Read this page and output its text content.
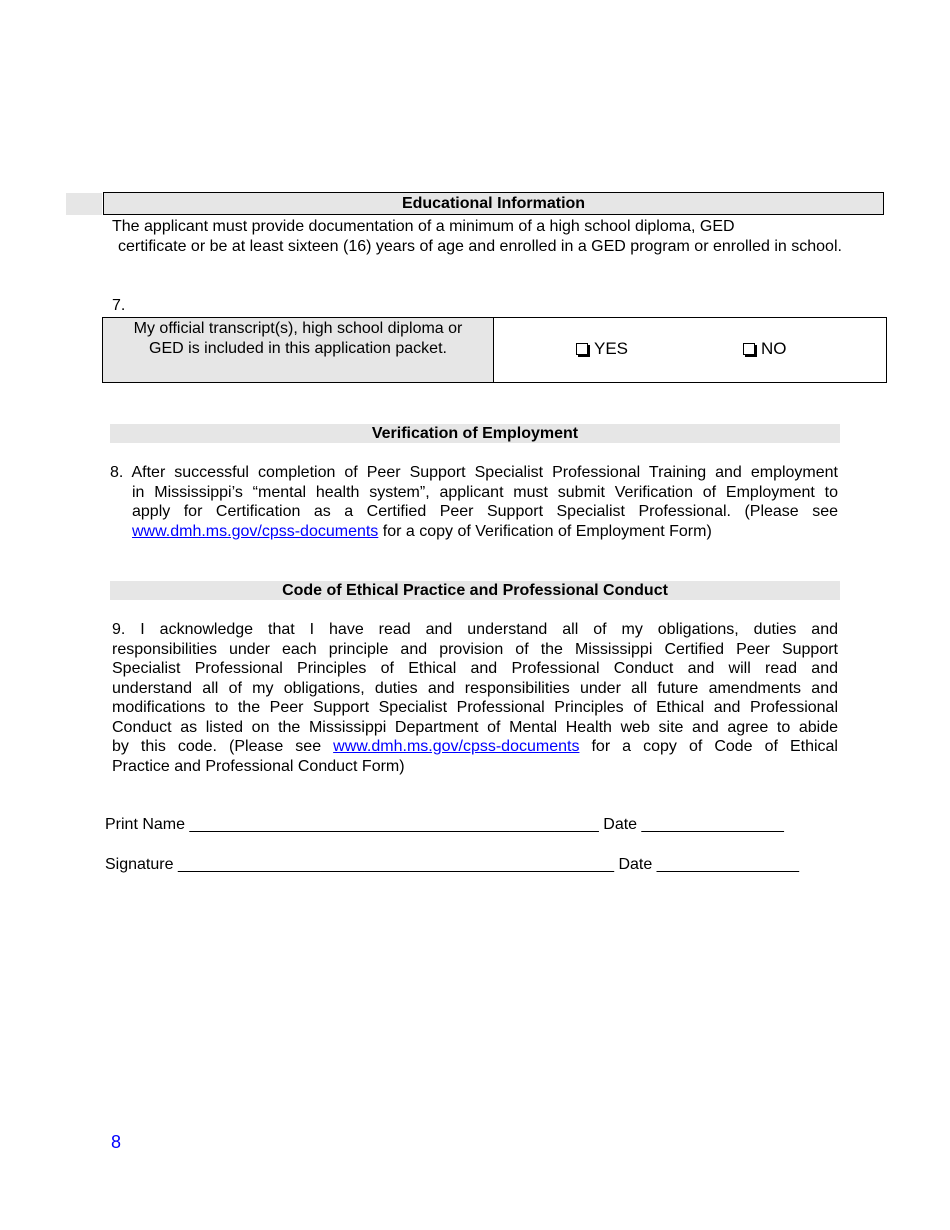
Educational Information
The applicant must provide documentation of a minimum of a high school diploma, GED
certificate or be at least sixteen (16) years of age and enrolled in a GED program or enrolled in school.
7.
My official transcript(s), high school diploma or
GED is included in this application packet.	YES	NO
Verification of Employment
8. After successful completion of Peer Support Specialist Professional Training and employment
in Mississippi’s “mental health system”, applicant must submit Verification of Employment to
apply for Certification as a Certified Peer Support Specialist Professional. (Please see
www.dmh.ms.gov/cpss-documents for a copy of Verification of Employment Form)
Code of Ethical Practice and Professional Conduct
9. I acknowledge that I have read and understand all of my obligations, duties and
responsibilities under each principle and provision of the Mississippi Certified Peer Support
Specialist Professional Principles of Ethical and Professional Conduct and will read and
understand all of my obligations, duties and responsibilities under all future amendments and
modifications to the Peer Support Specialist Professional Principles of Ethical and Professional
Conduct as listed on the Mississippi Department of Mental Health web site and agree to abide
by this code. (Please see www.dmh.ms.gov/cpss-documents for a copy of Code of Ethical
Practice and Professional Conduct Form)
Print Name ______________________________________________ Date ________________
Signature _________________________________________________ Date ________________
8
